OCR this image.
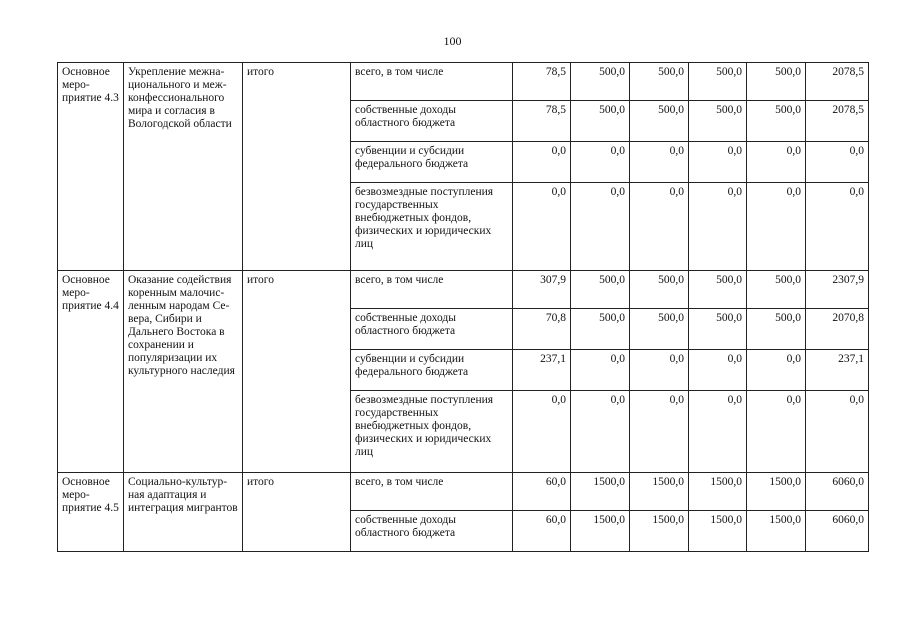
100
Основное меро-приятие 4.3	Укрепление межна-ционального и меж-конфессионального мира и согласия в Вологодской области	итого	всего, в том числе	78,5	500,0	500,0	500,0	500,0	2078,5
			собственные доходы областного бюджета	78,5	500,0	500,0	500,0	500,0	2078,5
			субвенции и субсидии федерального бюджета	0,0	0,0	0,0	0,0	0,0	0,0
			безвозмездные поступления государственных внебюджетных фондов, физических и юридических лиц	0,0	0,0	0,0	0,0	0,0	0,0
Основное меро-приятие 4.4	Оказание содействия коренным малочис-ленным народам Се-вера, Сибири и Дальнего Востока в сохранении и популяризации их культурного наследия	итого	всего, в том числе	307,9	500,0	500,0	500,0	500,0	2307,9
			собственные доходы областного бюджета	70,8	500,0	500,0	500,0	500,0	2070,8
			субвенции и субсидии федерального бюджета	237,1	0,0	0,0	0,0	0,0	237,1
			безвозмездные поступления государственных внебюджетных фондов, физических и юридических лиц	0,0	0,0	0,0	0,0	0,0	0,0
Основное меро-приятие 4.5	Социально-культур-ная адаптация и интеграция мигрантов	итого	всего, в том числе	60,0	1500,0	1500,0	1500,0	1500,0	6060,0
			собственные доходы областного бюджета	60,0	1500,0	1500,0	1500,0	1500,0	6060,0
